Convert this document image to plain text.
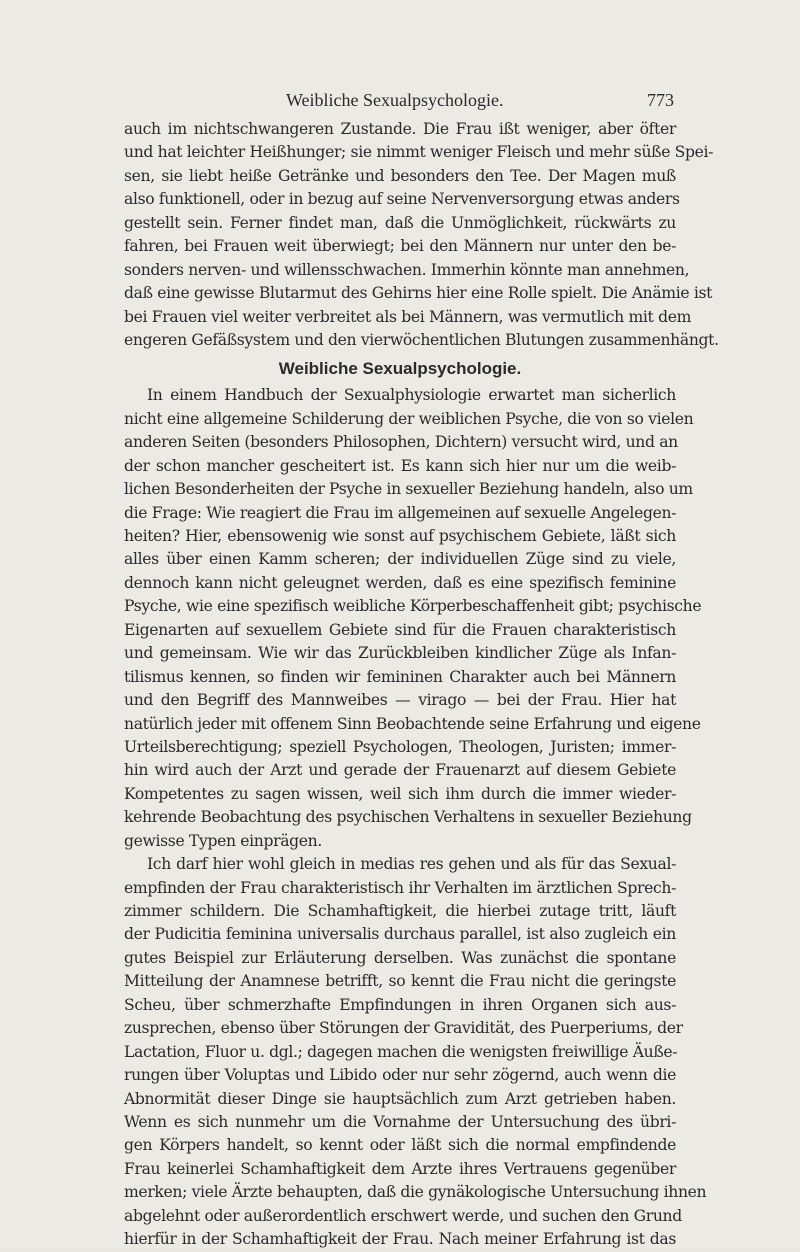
Weibliche Sexualpsychologie.	773
auch im nichtschwangeren Zustande. Die Frau ißt weniger, aber öfter
und hat leichter Heißhunger; sie nimmt weniger Fleisch und mehr süße Spei-
sen, sie liebt heiße Getränke und besonders den Tee. Der Magen muß
also funktionell, oder in bezug auf seine Nervenversorgung etwas anders
gestellt sein. Ferner findet man, daß die Unmöglichkeit, rückwärts zu
fahren, bei Frauen weit überwiegt; bei den Männern nur unter den be-
sonders nerven- und willensschwachen. Immerhin könnte man annehmen,
daß eine gewisse Blutarmut des Gehirns hier eine Rolle spielt. Die Anämie ist
bei Frauen viel weiter verbreitet als bei Männern, was vermutlich mit dem
engeren Gefäßsystem und den vierwöchentlichen Blutungen zusammenhängt.
Weibliche Sexualpsychologie.
In einem Handbuch der Sexualphysiologie erwartet man sicherlich
nicht eine allgemeine Schilderung der weiblichen Psyche, die von so vielen
anderen Seiten (besonders Philosophen, Dichtern) versucht wird, und an
der schon mancher gescheitert ist. Es kann sich hier nur um die weib-
lichen Besonderheiten der Psyche in sexueller Beziehung handeln, also um
die Frage: Wie reagiert die Frau im allgemeinen auf sexuelle Angelegen-
heiten? Hier, ebensowenig wie sonst auf psychischem Gebiete, läßt sich
alles über einen Kamm scheren; der individuellen Züge sind zu viele,
dennoch kann nicht geleugnet werden, daß es eine spezifisch feminine
Psyche, wie eine spezifisch weibliche Körperbeschaffenheit gibt; psychische
Eigenarten auf sexuellem Gebiete sind für die Frauen charakteristisch
und gemeinsam. Wie wir das Zurückbleiben kindlicher Züge als Infan-
tilismus kennen, so finden wir femininen Charakter auch bei Männern
und den Begriff des Mannweibes — virago — bei der Frau. Hier hat
natürlich jeder mit offenem Sinn Beobachtende seine Erfahrung und eigene
Urteilsberechtigung; speziell Psychologen, Theologen, Juristen; immer-
hin wird auch der Arzt und gerade der Frauenarzt auf diesem Gebiete
Kompetentes zu sagen wissen, weil sich ihm durch die immer wieder-
kehrende Beobachtung des psychischen Verhaltens in sexueller Beziehung
gewisse Typen einprägen.
Ich darf hier wohl gleich in medias res gehen und als für das Sexual-
empfinden der Frau charakteristisch ihr Verhalten im ärztlichen Sprech-
zimmer schildern. Die Schamhaftigkeit, die hierbei zutage tritt, läuft
der Pudicitia feminina universalis durchaus parallel, ist also zugleich ein
gutes Beispiel zur Erläuterung derselben. Was zunächst die spontane
Mitteilung der Anamnese betrifft, so kennt die Frau nicht die geringste
Scheu, über schmerzhafte Empfindungen in ihren Organen sich aus-
zusprechen, ebenso über Störungen der Gravidität, des Puerperiums, der
Lactation, Fluor u. dgl.; dagegen machen die wenigsten freiwillige Äuße-
rungen über Voluptas und Libido oder nur sehr zögernd, auch wenn die
Abnormität dieser Dinge sie hauptsächlich zum Arzt getrieben haben.
Wenn es sich nunmehr um die Vornahme der Untersuchung des übri-
gen Körpers handelt, so kennt oder läßt sich die normal empfindende
Frau keinerlei Schamhaftigkeit dem Arzte ihres Vertrauens gegenüber
merken; viele Ärzte behaupten, daß die gynäkologische Untersuchung ihnen
abgelehnt oder außerordentlich erschwert werde, und suchen den Grund
hierfür in der Schamhaftigkeit der Frau. Nach meiner Erfahrung ist das
